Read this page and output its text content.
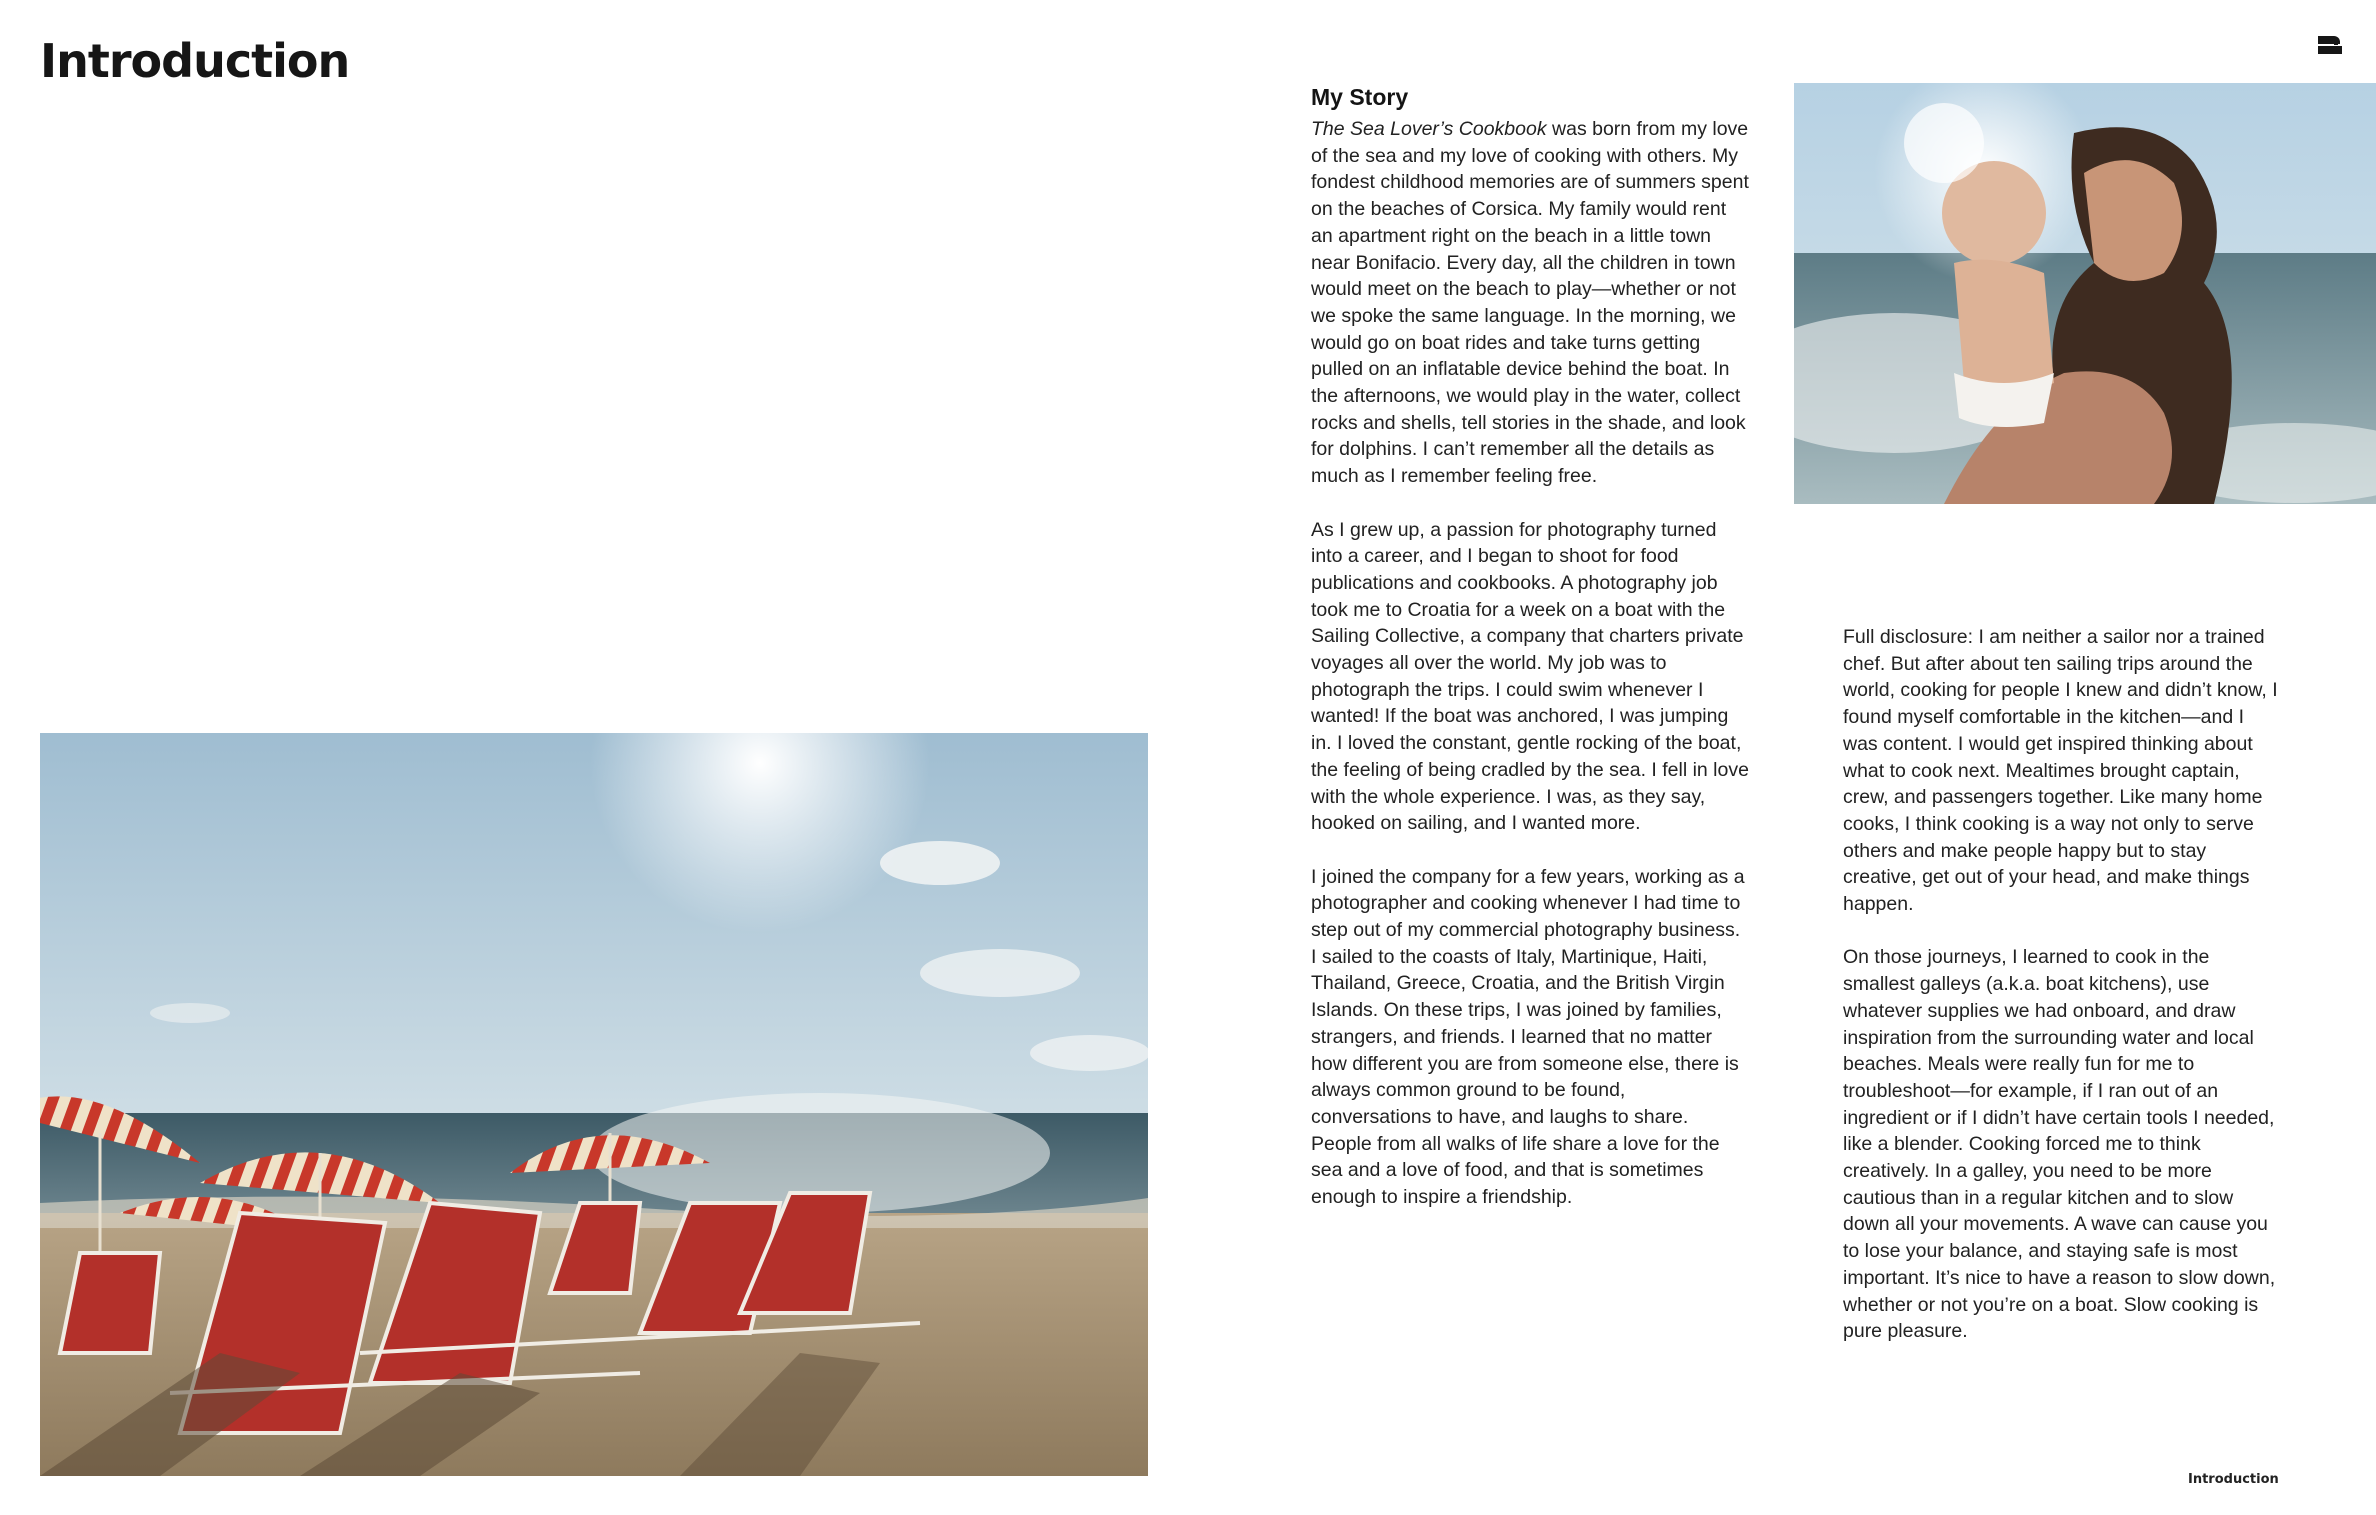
Introduction
My Story

The Sea Lover’s Cookbook was born from my love of the sea and my love of cooking with others. My fondest childhood memories are of summers spent on the beaches of Corsica. My family would rent an apartment right on the beach in a little town near Bonifacio. Every day, all the children in town would meet on the beach to play—whether or not we spoke the same language. In the morning, we would go on boat rides and take turns getting pulled on an inflatable device behind the boat. In the afternoons, we would play in the water, collect rocks and shells, tell stories in the shade, and look for dolphins. I can’t remember all the details as much as I remember feeling free.

As I grew up, a passion for photography turned into a career, and I began to shoot for food publications and cookbooks. A photography job took me to Croatia for a week on a boat with the Sailing Collective, a company that charters private voyages all over the world. My job was to photograph the trips. I could swim whenever I wanted! If the boat was anchored, I was jumping in. I loved the constant, gentle rocking of the boat, the feeling of being cradled by the sea. I fell in love with the whole experience. I was, as they say, hooked on sailing, and I wanted more.

I joined the company for a few years, working as a photographer and cooking whenever I had time to step out of my commercial photography business. I sailed to the coasts of Italy, Martinique, Haiti, Thailand, Greece, Croatia, and the British Virgin Islands. On these trips, I was joined by families, strangers, and friends. I learned that no matter how different you are from someone else, there is always common ground to be found, conversations to have, and laughs to share. People from all walks of life share a love for the sea and a love of food, and that is sometimes enough to inspire a friendship.

Full disclosure: I am neither a sailor nor a trained chef. But after about ten sailing trips around the world, cooking for people I knew and didn’t know, I found myself comfortable in the kitchen—and I was content. I would get inspired thinking about what to cook next. Mealtimes brought captain, crew, and passengers together. Like many home cooks, I think cooking is a way not only to serve others and make people happy but to stay creative, get out of your head, and make things happen.

On those journeys, I learned to cook in the smallest galleys (a.k.a. boat kitchens), use whatever supplies we had onboard, and draw inspiration from the surrounding water and local beaches. Meals were really fun for me to troubleshoot—for example, if I ran out of an ingredient or if I didn’t have certain tools I needed, like a blender. Cooking forced me to think creatively. In a galley, you need to be more cautious than in a regular kitchen and to slow down all your movements. A wave can cause you to lose your balance, and staying safe is most important. It’s nice to have a reason to slow down, whether or not you’re on a boat. Slow cooking is pure pleasure.

Introduction
